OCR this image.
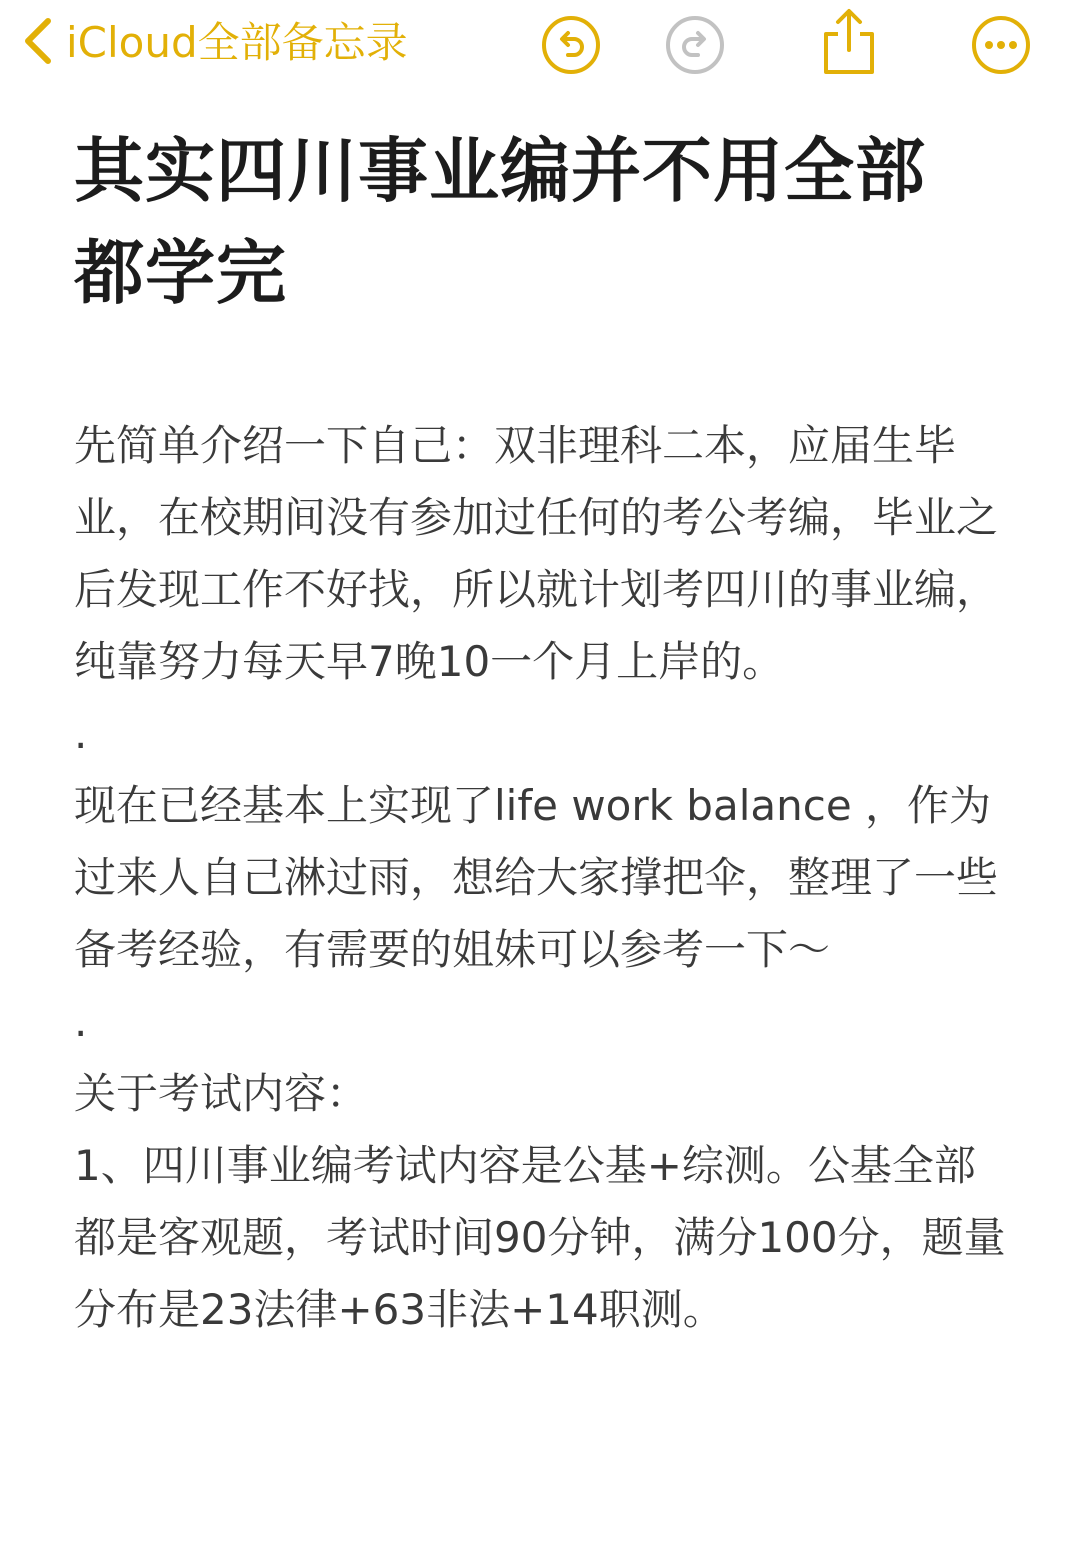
iCloud全部备忘录
其实四川事业编并不用全部都学完

先简单介绍一下自己：双非理科二本，应届生毕业，在校期间没有参加过任何的考公考编，毕业之后发现工作不好找，所以就计划考四川的事业编，纯靠努力每天早7晚10一个月上岸的。

.

现在已经基本上实现了life work balance ，作为过来人自己淋过雨，想给大家撑把伞，整理了一些备考经验，有需要的姐妹可以参考一下～

.

关于考试内容：

1、四川事业编考试内容是公基+综测。公基全部都是客观题，考试时间90分钟，满分100分，题量分布是23法律+63非法+14职测。
